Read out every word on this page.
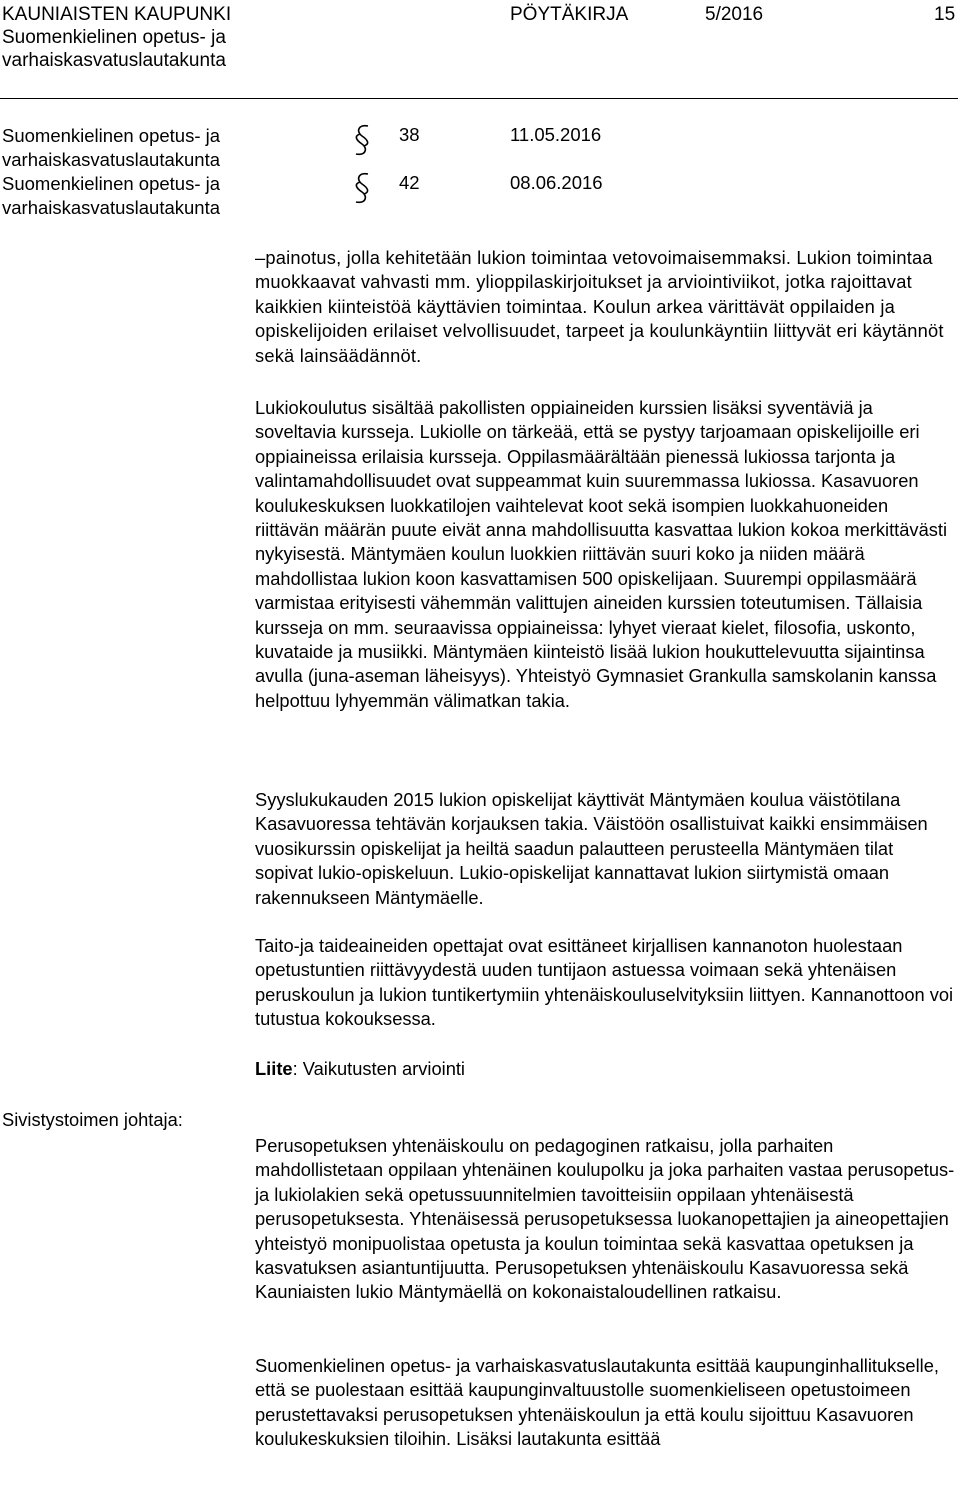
KAUNIAISTEN KAUPUNKI
Suomenkielinen opetus- ja
varhaiskasvatuslautakunta
PÖYTÄKIRJA	5/2016	15
Suomenkielinen opetus- ja
varhaiskasvatuslautakunta
38	11.05.2016
Suomenkielinen opetus- ja
varhaiskasvatuslautakunta
42	08.06.2016

–painotus, jolla kehitetään lukion toimintaa vetovoimaisemmaksi. Lukion toimintaa muokkaavat vahvasti mm. ylioppilaskirjoitukset ja arviointiviikot, jotka rajoittavat kaikkien kiinteistöä käyttävien toimintaa. Koulun arkea värittävät oppilaiden ja opiskelijoiden erilaiset velvollisuudet, tarpeet ja koulunkäyntiin liittyvät eri käytännöt sekä lainsäädännöt.

Lukiokoulutus sisältää pakollisten oppiaineiden kurssien lisäksi syventäviä ja soveltavia kursseja. Lukiolle on tärkeää, että se pystyy tarjoamaan opiskelijoille eri oppiaineissa erilaisia kursseja. Oppilasmäärältään pienessä lukiossa tarjonta ja valintamahdollisuudet ovat suppeammat kuin suuremmassa lukiossa. Kasavuoren koulukeskuksen luokkatilojen vaihtelevat koot sekä isompien luokkahuoneiden riittävän määrän puute eivät anna mahdollisuutta kasvattaa lukion kokoa merkittävästi nykyisestä. Mäntymäen koulun luokkien riittävän suuri koko ja niiden määrä mahdollistaa lukion koon kasvattamisen 500 opiskelijaan. Suurempi oppilasmäärä varmistaa erityisesti vähemmän valittujen aineiden kurssien toteutumisen. Tällaisia kursseja on mm. seuraavissa oppiaineissa: lyhyet vieraat kielet, filosofia, uskonto, kuvataide ja musiikki. Mäntymäen kiinteistö lisää lukion houkuttelevuutta sijaintinsa avulla (juna-aseman läheisyys). Yhteistyö Gymnasiet Grankulla samskolanin kanssa helpottuu lyhyemmän välimatkan takia.

Syyslukukauden 2015 lukion opiskelijat käyttivät Mäntymäen koulua väistötilana Kasavuoressa tehtävän korjauksen takia. Väistöön osallistuivat kaikki ensimmäisen vuosikurssin opiskelijat ja heiltä saadun palautteen perusteella Mäntymäen tilat sopivat lukio-opiskeluun. Lukio-opiskelijat kannattavat lukion siirtymistä omaan rakennukseen Mäntymäelle.

Taito-ja taideaineiden opettajat ovat esittäneet kirjallisen kannanoton huolestaan opetustuntien riittävyydestä uuden tuntijaon astuessa voimaan sekä yhtenäisen peruskoulun ja lukion tuntikertymiin yhtenäiskouluselvityksiin liittyen. Kannanottoon voi tutustua kokouksessa.

Liite: Vaikutusten arviointi
Sivistystoimen johtaja:

Perusopetuksen yhtenäiskoulu on pedagoginen ratkaisu, jolla parhaiten mahdollistetaan oppilaan yhtenäinen koulupolku ja joka parhaiten vastaa perusopetus- ja lukiolakien sekä opetussuunnitelmien tavoitteisiin oppilaan yhtenäisestä perusopetuksesta. Yhtenäisessä perusopetuksessa luokanopettajien ja aineopettajien yhteistyö monipuolistaa opetusta ja koulun toimintaa sekä kasvattaa opetuksen ja kasvatuksen asiantuntijuutta. Perusopetuksen yhtenäiskoulu Kasavuoressa sekä Kauniaisten lukio Mäntymäellä on kokonaistaloudellinen ratkaisu.

Suomenkielinen opetus- ja varhaiskasvatuslautakunta esittää kaupunginhallitukselle, että se puolestaan esittää kaupunginvaltuustolle suomenkieliseen opetustoimeen perustettavaksi perusopetuksen yhtenäiskoulun ja että koulu sijoittuu Kasavuoren koulukeskuksien tiloihin. Lisäksi lautakunta esittää
